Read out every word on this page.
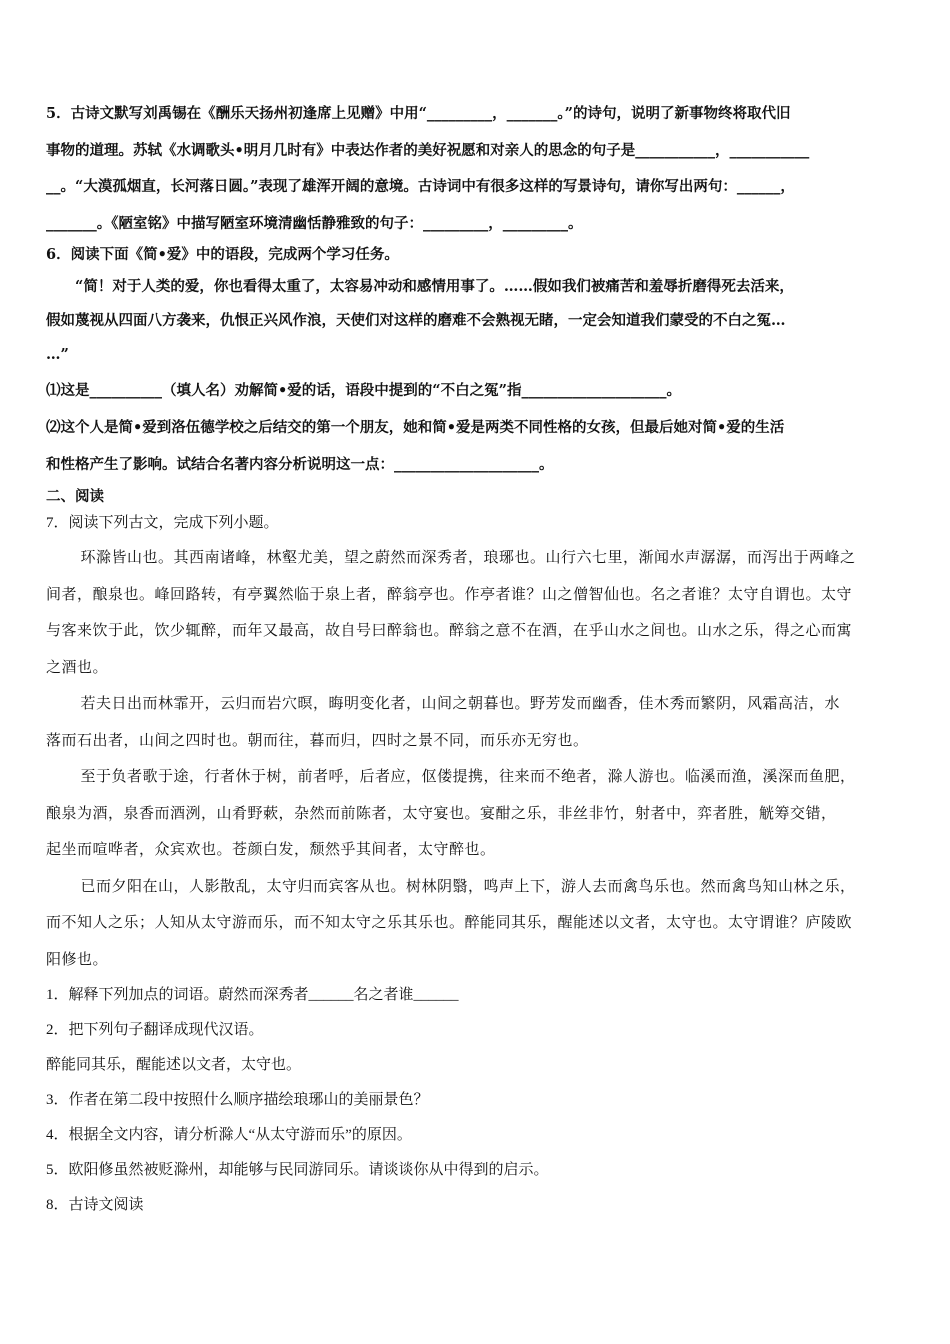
5．古诗文默写刘禹锡在《酬乐天扬州初逢席上见赠》中用“_________，_______。”的诗句，说明了新事物终将取代旧
事物的道理。苏轼《水调歌头•明月几时有》中表达作者的美好祝愿和对亲人的思念的句子是___________，___________
__。“大漠孤烟直，长河落日圆。”表现了雄浑开阔的意境。古诗词中有很多这样的写景诗句，请你写出两句：______，
_______。《陋室铭》中描写陋室环境清幽恬静雅致的句子：_________，_________。
6．阅读下面《简•爱》中的语段，完成两个学习任务。
“简！对于人类的爱，你也看得太重了，太容易冲动和感情用事了。……假如我们被痛苦和羞辱折磨得死去活来，
假如蔑视从四面八方袭来，仇恨正兴风作浪，天使们对这样的磨难不会熟视无睹，一定会知道我们蒙受的不白之冤…
…”
⑴这是__________（填人名）劝解简•爱的话，语段中提到的“不白之冤”指____________________。
⑵这个人是简•爱到洛伍德学校之后结交的第一个朋友，她和简•爱是两类不同性格的女孩，但最后她对简•爱的生活
和性格产生了影响。试结合名著内容分析说明这一点：____________________。
二、阅读
7．阅读下列古文，完成下列小题。
环滁皆山也。其西南诸峰，林壑尤美，望之蔚然而深秀者，琅琊也。山行六七里，渐闻水声潺潺，而泻出于两峰之
间者，酿泉也。峰回路转，有亭翼然临于泉上者，醉翁亭也。作亭者谁？山之僧智仙也。名之者谁？太守自谓也。太守
与客来饮于此，饮少辄醉，而年又最高，故自号曰醉翁也。醉翁之意不在酒，在乎山水之间也。山水之乐，得之心而寓
之酒也。
若夫日出而林霏开，云归而岩穴暝，晦明变化者，山间之朝暮也。野芳发而幽香，佳木秀而繁阴，风霜高洁，水
落而石出者，山间之四时也。朝而往，暮而归，四时之景不同，而乐亦无穷也。
至于负者歌于途，行者休于树，前者呼，后者应，伛偻提携，往来而不绝者，滁人游也。临溪而渔，溪深而鱼肥，
酿泉为酒，泉香而酒洌，山肴野蔌，杂然而前陈者，太守宴也。宴酣之乐，非丝非竹，射者中，弈者胜，觥筹交错，
起坐而喧哗者，众宾欢也。苍颜白发，颓然乎其间者，太守醉也。
已而夕阳在山，人影散乱，太守归而宾客从也。树林阴翳，鸣声上下，游人去而禽鸟乐也。然而禽鸟知山林之乐，
而不知人之乐；人知从太守游而乐，而不知太守之乐其乐也。醉能同其乐，醒能述以文者，太守也。太守谓谁？庐陵欧
阳修也。
1．解释下列加点的词语。蔚然而深秀者______名之者谁______
2．把下列句子翻译成现代汉语。
醉能同其乐，醒能述以文者，太守也。
3．作者在第二段中按照什么顺序描绘琅琊山的美丽景色？
4．根据全文内容，请分析滁人“从太守游而乐”的原因。
5．欧阳修虽然被贬滁州，却能够与民同游同乐。请谈谈你从中得到的启示。
8．古诗文阅读
